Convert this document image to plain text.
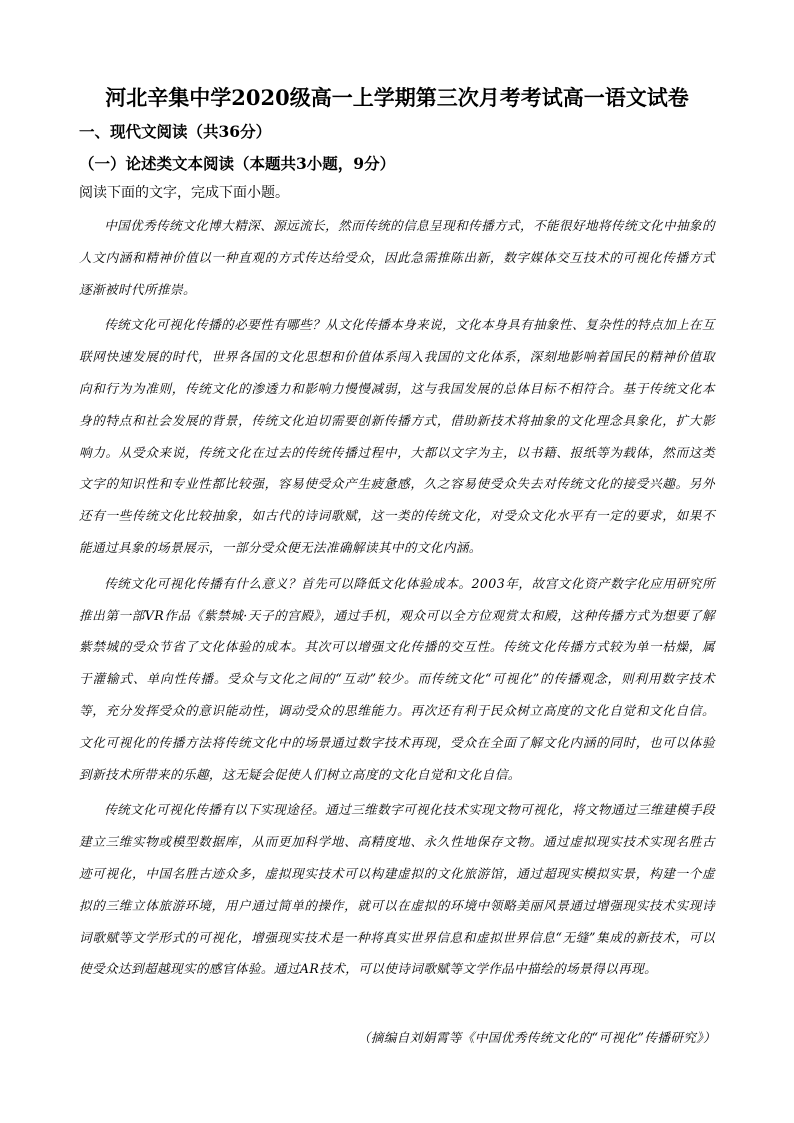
河北辛集中学2020级高一上学期第三次月考考试高一语文试卷
一、现代文阅读（共36分）
（一）论述类文本阅读（本题共3小题，9分）
阅读下面的文字，完成下面小题。

中国优秀传统文化博大精深、源远流长，然而传统的信息呈现和传播方式，不能很好地将传统文化中抽象的人文内涵和精神价值以一种直观的方式传达给受众，因此急需推陈出新，数字媒体交互技术的可视化传播方式逐渐被时代所推崇。

传统文化可视化传播的必要性有哪些？从文化传播本身来说，文化本身具有抽象性、复杂性的特点加上在互联网快速发展的时代，世界各国的文化思想和价值体系闯入我国的文化体系，深刻地影响着国民的精神价值取向和行为为准则，传统文化的渗透力和影响力慢慢减弱，这与我国发展的总体目标不相符合。基于传统文化本身的特点和社会发展的背景，传统文化迫切需要创新传播方式，借助新技术将抽象的文化理念具象化，扩大影响力。从受众来说，传统文化在过去的传统传播过程中，大都以文字为主，以书籍、报纸等为载体，然而这类文字的知识性和专业性都比较强，容易使受众产生疲惫感，久之容易使受众失去对传统文化的接受兴趣。另外还有一些传统文化比较抽象，如古代的诗词歌赋，这一类的传统文化，对受众文化水平有一定的要求，如果不能通过具象的场景展示，一部分受众便无法准确解读其中的文化内涵。

传统文化可视化传播有什么意义？首先可以降低文化体验成本。2003年，故宫文化资产数字化应用研究所推出第一部VR作品《紫禁城·天子的宫殿》，通过手机，观众可以全方位观赏太和殿，这种传播方式为想要了解紫禁城的受众节省了文化体验的成本。其次可以增强文化传播的交互性。传统文化传播方式较为单一枯燥，属于灌输式、单向性传播。受众与文化之间的“互动”较少。而传统文化“可视化”的传播观念，则利用数字技术等，充分发挥受众的意识能动性，调动受众的思维能力。再次还有利于民众树立高度的文化自觉和文化自信。文化可视化的传播方法将传统文化中的场景通过数字技术再现，受众在全面了解文化内涵的同时，也可以体验到新技术所带来的乐趣，这无疑会促使人们树立高度的文化自觉和文化自信。

传统文化可视化传播有以下实现途径。通过三维数字可视化技术实现文物可视化，将文物通过三维建模手段建立三维实物或模型数据库，从而更加科学地、高精度地、永久性地保存文物。通过虚拟现实技术实现名胜古迹可视化，中国名胜古迹众多，虚拟现实技术可以构建虚拟的文化旅游馆，通过超现实模拟实景，构建一个虚拟的三维立体旅游环境，用户通过简单的操作，就可以在虚拟的环境中领略美丽风景通过增强现实技术实现诗词歌赋等文学形式的可视化，增强现实技术是一种将真实世界信息和虚拟世界信息“无缝”集成的新技术，可以使受众达到超越现实的感官体验。通过AR技术，可以使诗词歌赋等文学作品中描绘的场景得以再现。

（摘编自刘娟霄等《中国优秀传统文化的“可视化”传播研究》）
